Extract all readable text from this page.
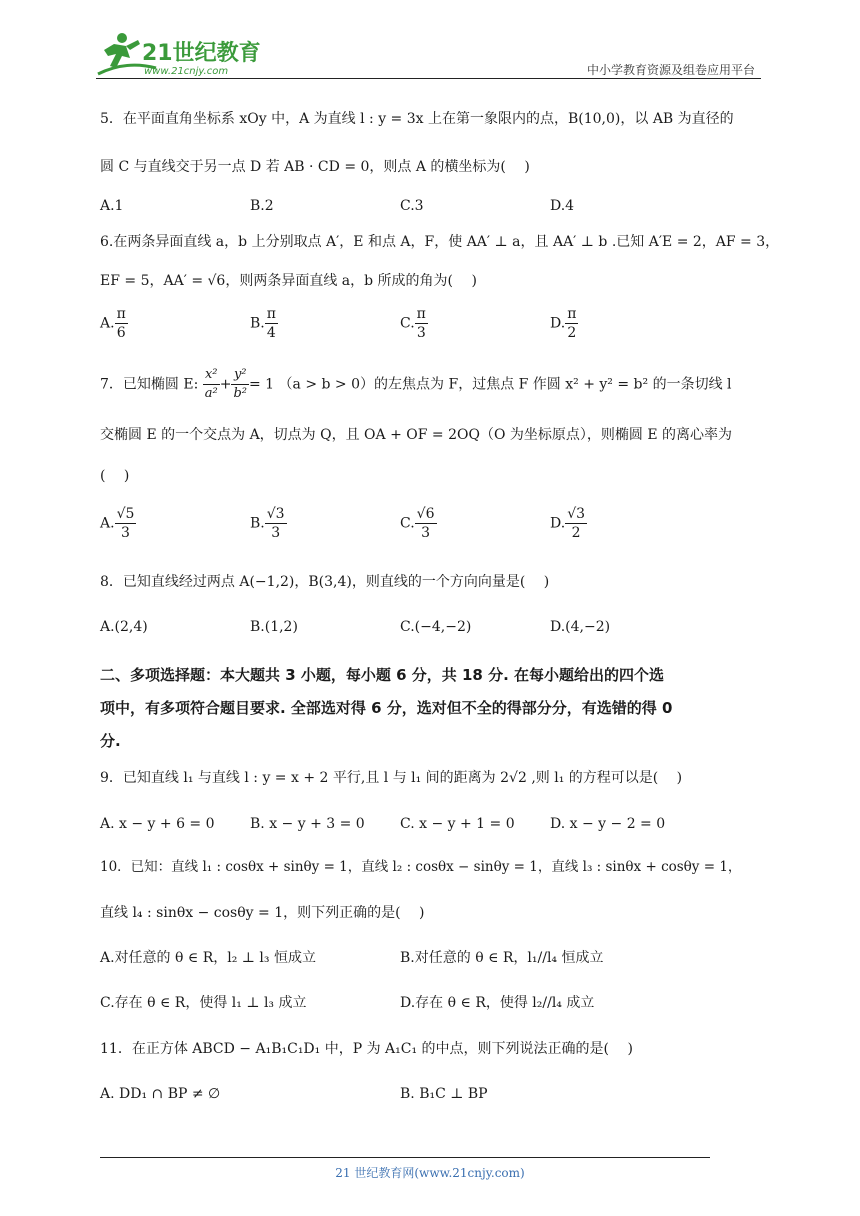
21世纪教育
www.21cnjy.com	中小学教育资源及组卷应用平台
5．在平面直角坐标系 xOy 中，A 为直线 l : y = 3x 上在第一象限内的点，B(10,0)，以 AB 为直径的
圆 C 与直线交于另一点 D 若 AB · CD = 0，则点 A 的横坐标为(　 )
A.1	B.2	C.3	D.4
6.在两条异面直线 a，b 上分别取点 A′，E 和点 A，F，使 AA′ ⊥ a，且 AA′ ⊥ b .已知 A′E = 2，AF = 3，
EF = 5，AA′ = √6，则两条异面直线 a，b 所成的角为(　 )
A. $\frac{\pi}{6}$	B. $\frac{\pi}{4}$	C. $\frac{\pi}{3}$	D. $\frac{\pi}{2}$
7．已知椭圆 E: $\frac{\text{x²}}{\text{a²}} + \frac{\text{y²}}{\text{b²}} = 1$ （a > b > 0）的左焦点为 F，过焦点 F 作圆 x² + y² = b² 的一条切线 l
交椭圆 E 的一个交点为 A，切点为 Q，且 OA + OF = 2OQ（O 为坐标原点），则椭圆 E 的离心率为
(　 )
A. $\frac{√5}{3}$	B. $\frac{√3}{3}$	C. $\frac{√6}{3}$	D. $\frac{√3}{2}$
8．已知直线经过两点 A(−1,2)，B(3,4)，则直线的一个方向向量是(　 )
A.(2,4)	B.(1,2)	C.(−4,−2)	D.(4,−2)
二、多项选择题：本大题共 3 小题，每小题 6 分，共 18 分. 在每小题给出的四个选
项中，有多项符合题目要求. 全部选对得 6 分，选对但不全的得部分分，有选错的得 0
分.
9．已知直线 l₁ 与直线 l : y = x + 2 平行,且 l 与 l₁ 间的距离为 2√2 ,则 l₁ 的方程可以是(　 )
A. x − y + 6 = 0	B. x − y + 3 = 0	C. x − y + 1 = 0	D. x − y − 2 = 0
10．已知：直线 l₁ : cosθx + sinθy = 1，直线 l₂ : cosθx − sinθy = 1，直线 l₃ : sinθx + cosθy = 1，
直线 l₄ : sinθx − cosθy = 1，则下列正确的是(　 )
A.对任意的 θ ∈ R，l₂ ⊥ l₃ 恒成立	B.对任意的 θ ∈ R，l₁//l₄ 恒成立
C.存在 θ ∈ R，使得 l₁ ⊥ l₃ 成立	D.存在 θ ∈ R，使得 l₂//l₄ 成立
11．在正方体 ABCD − A₁B₁C₁D₁ 中，P 为 A₁C₁ 的中点，则下列说法正确的是(　 )
A. DD₁ ∩ BP ≠ ∅	B. B₁C ⊥ BP
21 世纪教育网(www.21cnjy.com)
